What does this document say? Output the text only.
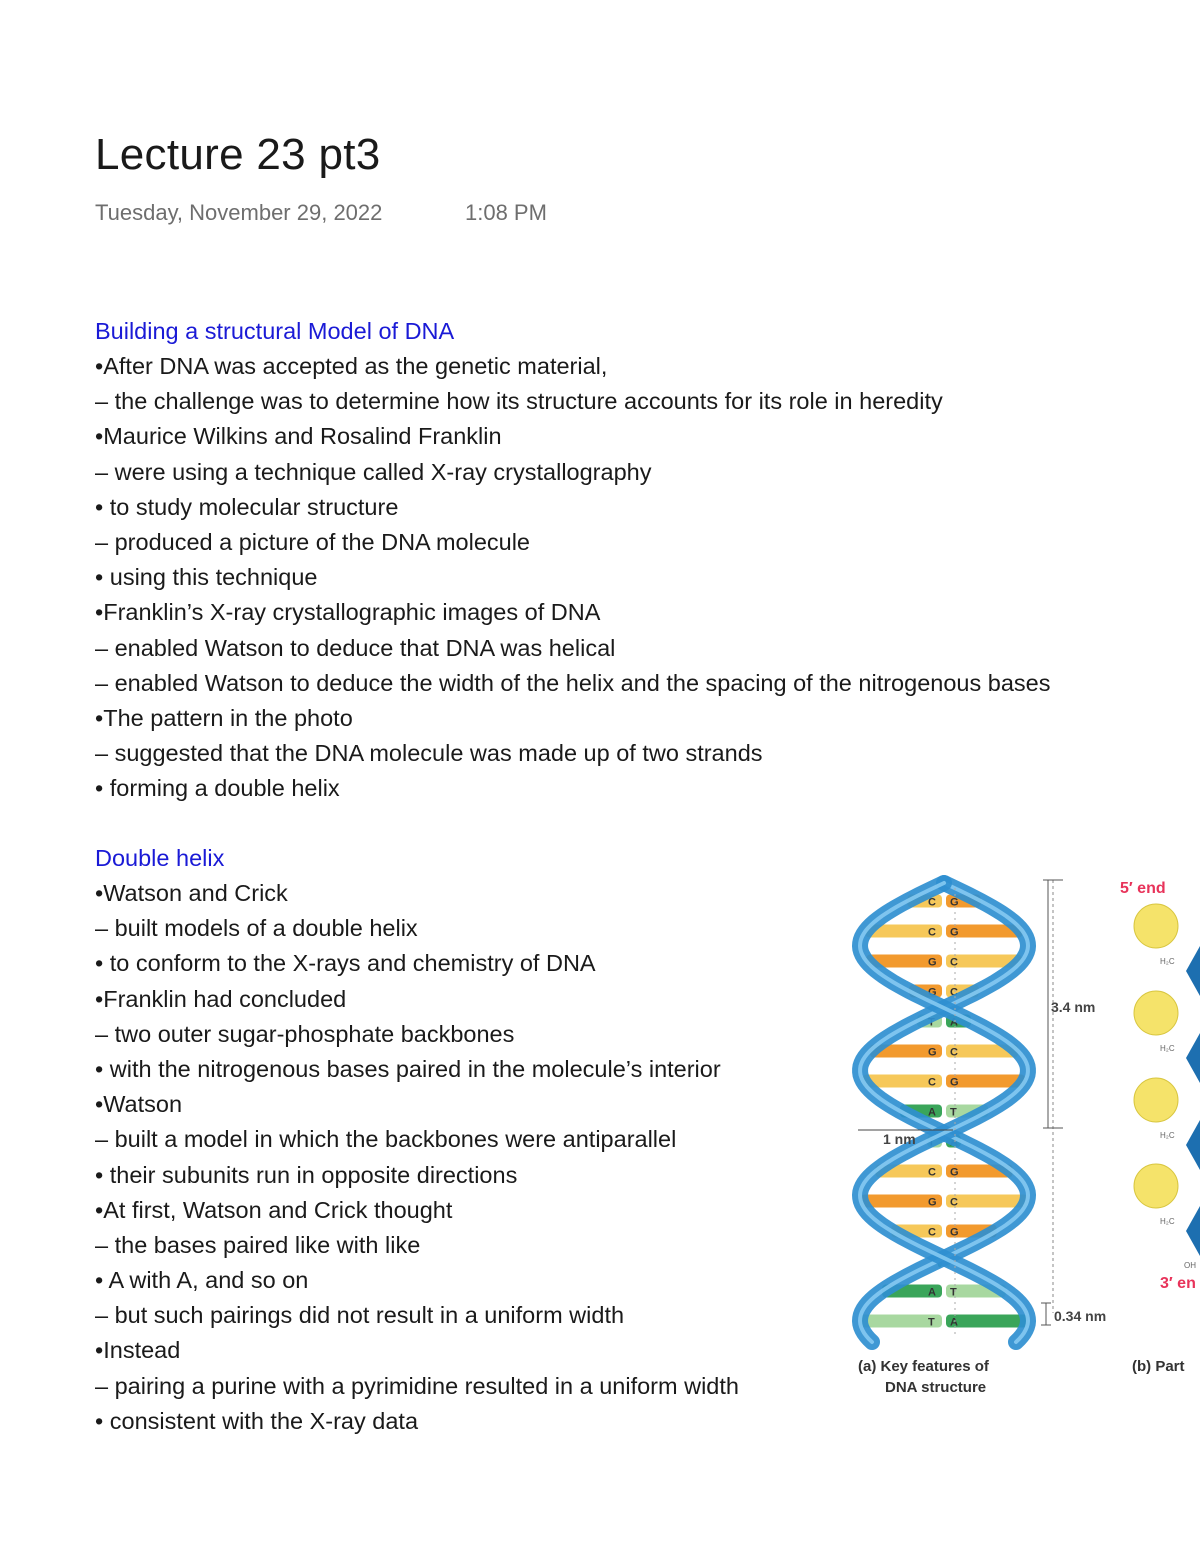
Lecture 23 pt3
Tuesday, November 29, 2022	1:08 PM
Building a structural Model of DNA
•After DNA was accepted as the genetic material,
– the challenge was to determine how its structure accounts for its role in heredity
•Maurice Wilkins and Rosalind Franklin
– were using a technique called X-ray crystallography
• to study molecular structure
– produced a picture of the DNA molecule
• using this technique
•Franklin’s X-ray crystallographic images of DNA
– enabled Watson to deduce that DNA was helical
– enabled Watson to deduce the width of the helix and the spacing of the nitrogenous bases
•The pattern in the photo
– suggested that the DNA molecule was made up of two strands
• forming a double helix
Double helix
•Watson and Crick
– built models of a double helix
• to conform to the X-rays and chemistry of DNA
•Franklin had concluded
– two outer sugar-phosphate backbones
• with the nitrogenous bases paired in the molecule’s interior
•Watson
– built a model in which the backbones were antiparallel
• their subunits run in opposite directions
•At first, Watson and Crick thought
– the bases paired like with like
• A with A, and so on
– but such pairings did not result in a uniform width
•Instead
– pairing a purine with a pyrimidine resulted in a uniform width
• consistent with the X-ray data
C G
C G
G C
G C
T A
G C
C G
A T
T A
C G
G C
C G
A T
T A
3.4 nm
1 nm
0.34 nm
(a) Key features of
DNA structure
(b) Part
5′ end
3′ en
H₂C
H₂C
H₂C
H₂C
OH
